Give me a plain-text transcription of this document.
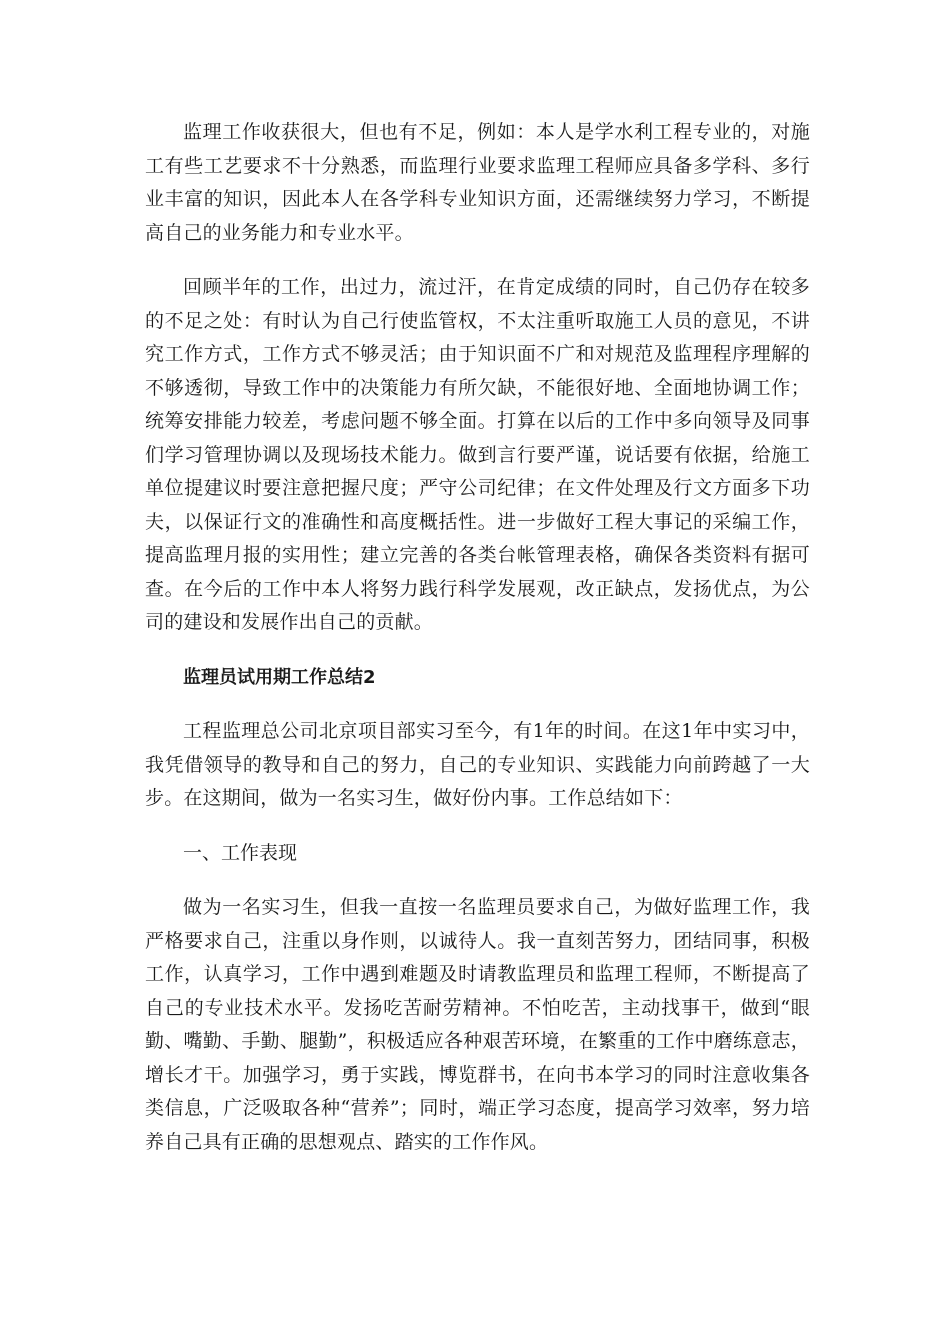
监理工作收获很大，但也有不足，例如：本人是学水利工程专业的，对施工有些工艺要求不十分熟悉，而监理行业要求监理工程师应具备多学科、多行业丰富的知识，因此本人在各学科专业知识方面，还需继续努力学习，不断提高自己的业务能力和专业水平。

回顾半年的工作，出过力，流过汗，在肯定成绩的同时，自己仍存在较多的不足之处：有时认为自己行使监管权，不太注重听取施工人员的意见，不讲究工作方式，工作方式不够灵活；由于知识面不广和对规范及监理程序理解的不够透彻，导致工作中的决策能力有所欠缺，不能很好地、全面地协调工作；统筹安排能力较差，考虑问题不够全面。打算在以后的工作中多向领导及同事们学习管理协调以及现场技术能力。做到言行要严谨，说话要有依据，给施工单位提建议时要注意把握尺度；严守公司纪律；在文件处理及行文方面多下功夫，以保证行文的准确性和高度概括性。进一步做好工程大事记的采编工作，提高监理月报的实用性；建立完善的各类台帐管理表格，确保各类资料有据可查。在今后的工作中本人将努力践行科学发展观，改正缺点，发扬优点，为公司的建设和发展作出自己的贡献。

监理员试用期工作总结2

工程监理总公司北京项目部实习至今，有1年的时间。在这1年中实习中，我凭借领导的教导和自己的努力，自己的专业知识、实践能力向前跨越了一大步。在这期间，做为一名实习生，做好份内事。工作总结如下：

一、工作表现

做为一名实习生，但我一直按一名监理员要求自己，为做好监理工作，我严格要求自己，注重以身作则，以诚待人。我一直刻苦努力，团结同事，积极工作，认真学习，工作中遇到难题及时请教监理员和监理工程师，不断提高了自己的专业技术水平。发扬吃苦耐劳精神。不怕吃苦，主动找事干，做到“眼勤、嘴勤、手勤、腿勤”，积极适应各种艰苦环境，在繁重的工作中磨练意志，增长才干。加强学习，勇于实践，博览群书，在向书本学习的同时注意收集各类信息，广泛吸取各种“营养”；同时，端正学习态度，提高学习效率，努力培养自己具有正确的思想观点、踏实的工作作风。
